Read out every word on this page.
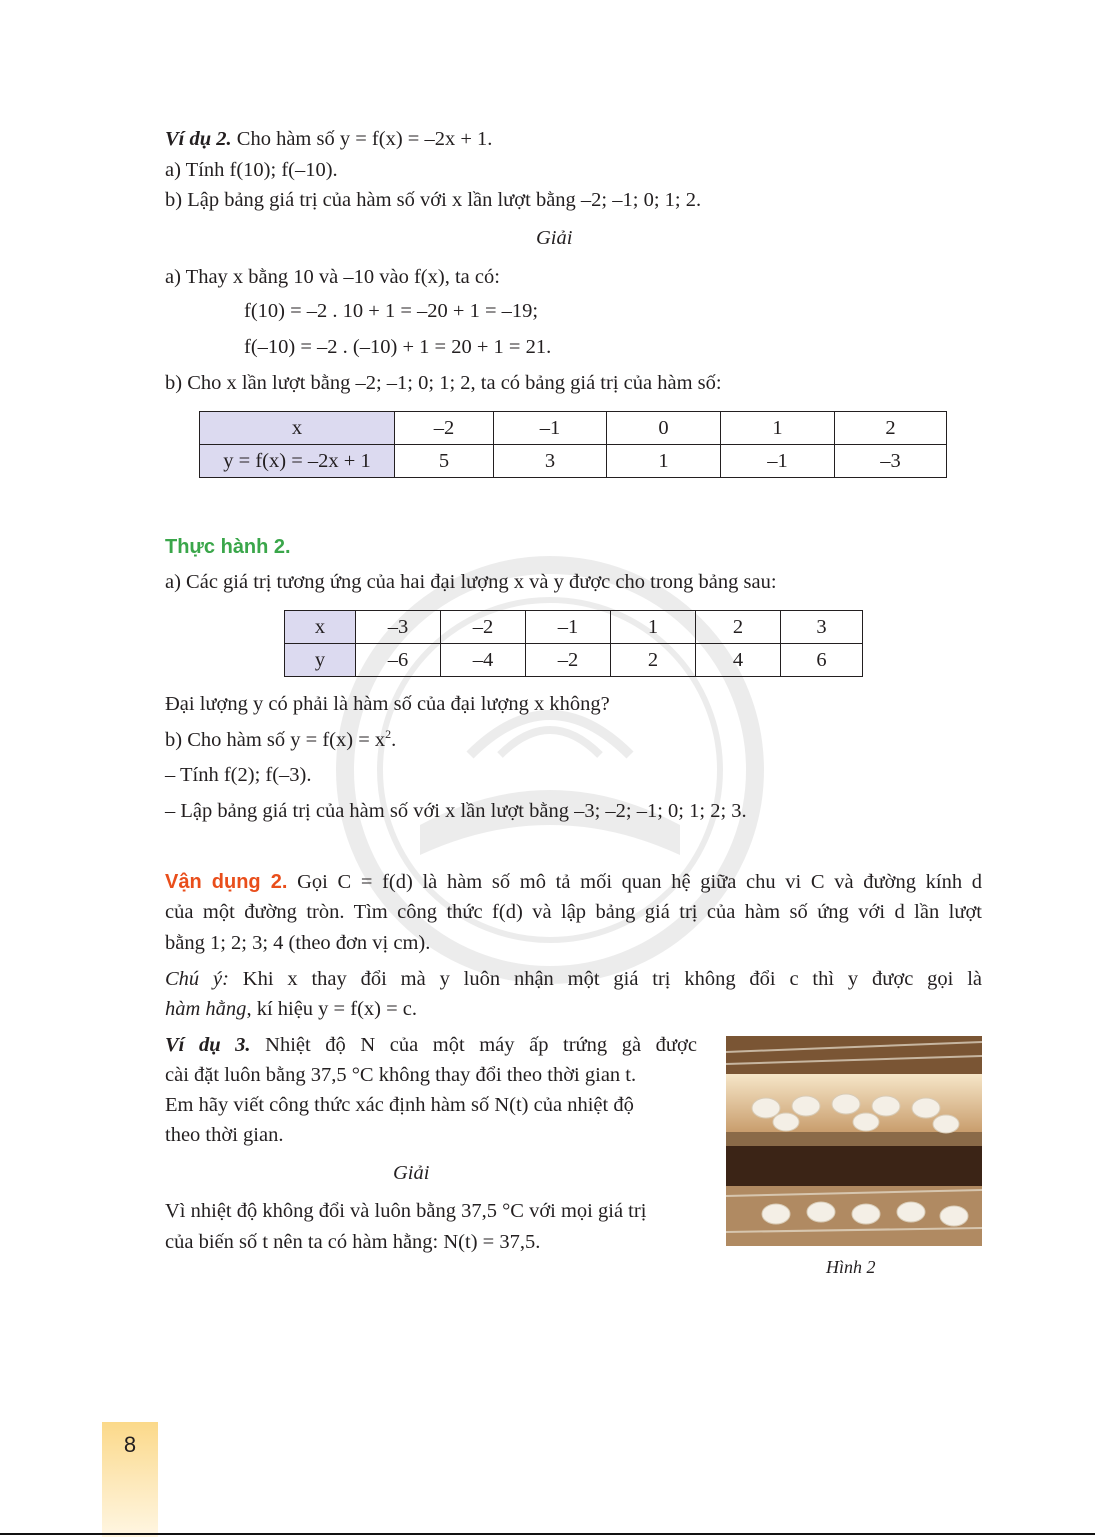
Ví dụ 2. Cho hàm số y = f(x) = –2x + 1.
a) Tính f(10); f(–10).
b) Lập bảng giá trị của hàm số với x lần lượt bằng –2; –1; 0; 1; 2.
Giải
a) Thay x bằng 10 và –10 vào f(x), ta có:
f(10) = –2 . 10 + 1 = –20 + 1 = –19;
f(–10) = –2 . (–10) + 1 = 20 + 1 = 21.
b) Cho x lần lượt bằng –2; –1; 0; 1; 2, ta có bảng giá trị của hàm số:
x	–2	–1	0	1	2
y = f(x) = –2x + 1	5	3	1	–1	–3
Thực hành 2.
a) Các giá trị tương ứng của hai đại lượng x và y được cho trong bảng sau:
x	–3	–2	–1	1	2	3
y	–6	–4	–2	2	4	6
Đại lượng y có phải là hàm số của đại lượng x không?
b) Cho hàm số $y = f(x) = x^2$.
– Tính f(2); f(–3).
– Lập bảng giá trị của hàm số với x lần lượt bằng –3; –2; –1; 0; 1; 2; 3.
Vận dụng 2. Gọi C = f(d) là hàm số mô tả mối quan hệ giữa chu vi C và đường kính d
của một đường tròn. Tìm công thức f(d) và lập bảng giá trị của hàm số ứng với d lần lượt
bằng 1; 2; 3; 4 (theo đơn vị cm).
Chú ý: Khi x thay đổi mà y luôn nhận một giá trị không đổi c thì y được gọi là
hàm hằng, kí hiệu y = f(x) = c.
Ví dụ 3. Nhiệt độ N của một máy ấp trứng gà được
cài đặt luôn bằng 37,5 °C không thay đổi theo thời gian t.
Em hãy viết công thức xác định hàm số N(t) của nhiệt độ
theo thời gian.
Giải
Vì nhiệt độ không đổi và luôn bằng 37,5 °C với mọi giá trị
của biến số t nên ta có hàm hằng: N(t) = 37,5.
Hình 2
8
